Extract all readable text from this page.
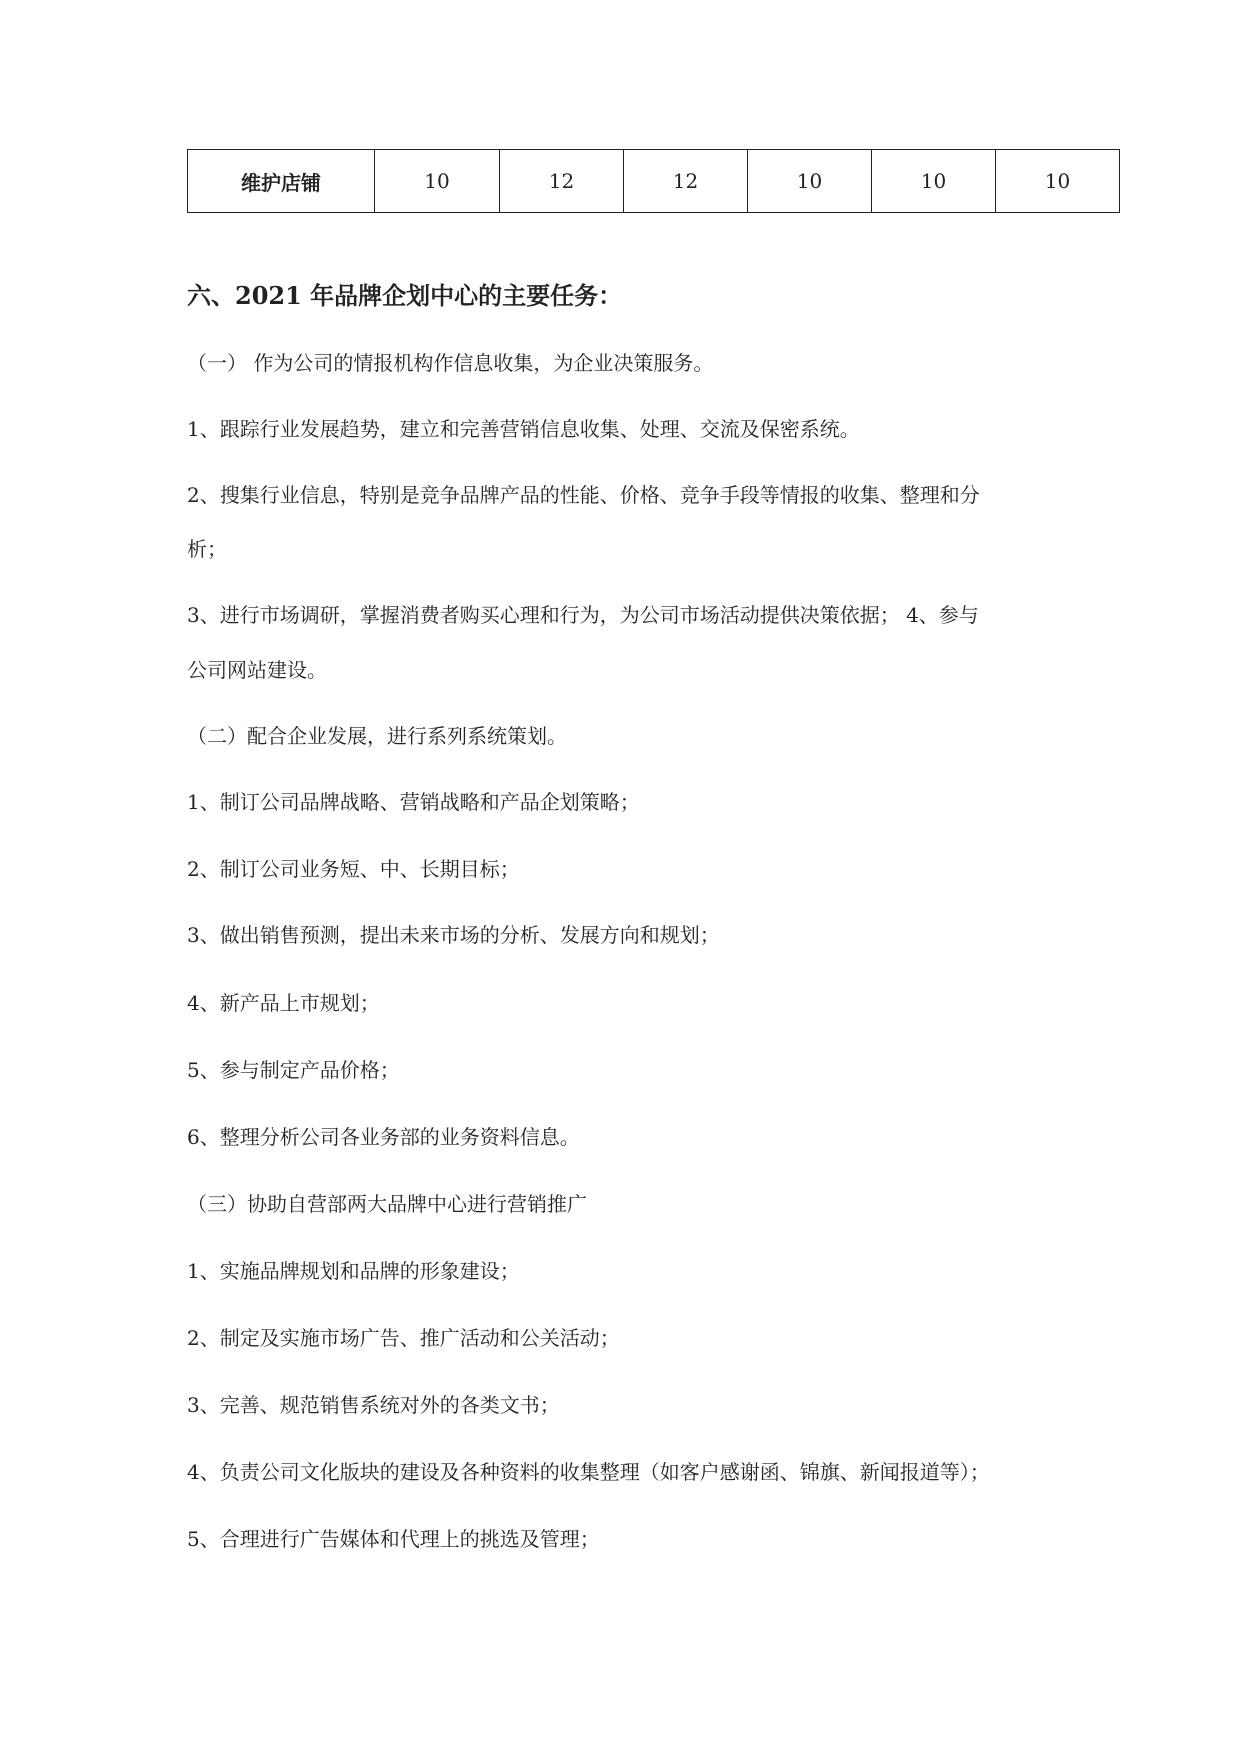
维护店铺	10	12	12	10	10	10
六、2021 年品牌企划中心的主要任务：
（一） 作为公司的情报机构作信息收集，为企业决策服务。
1、跟踪行业发展趋势，建立和完善营销信息收集、处理、交流及保密系统。
2、搜集行业信息，特别是竞争品牌产品的性能、价格、竞争手段等情报的收集、整理和分
析；
3、进行市场调研，掌握消费者购买心理和行为，为公司市场活动提供决策依据； 4、参与
公司网站建设。
（二）配合企业发展，进行系列系统策划。
1、制订公司品牌战略、营销战略和产品企划策略；
2、制订公司业务短、中、长期目标；
3、做出销售预测，提出未来市场的分析、发展方向和规划；
4、新产品上市规划；
5、参与制定产品价格；
6、整理分析公司各业务部的业务资料信息。
（三）协助自营部两大品牌中心进行营销推广
1、实施品牌规划和品牌的形象建设；
2、制定及实施市场广告、推广活动和公关活动；
3、完善、规范销售系统对外的各类文书；
4、负责公司文化版块的建设及各种资料的收集整理（如客户感谢函、锦旗、新闻报道等）；
5、合理进行广告媒体和代理上的挑选及管理；
